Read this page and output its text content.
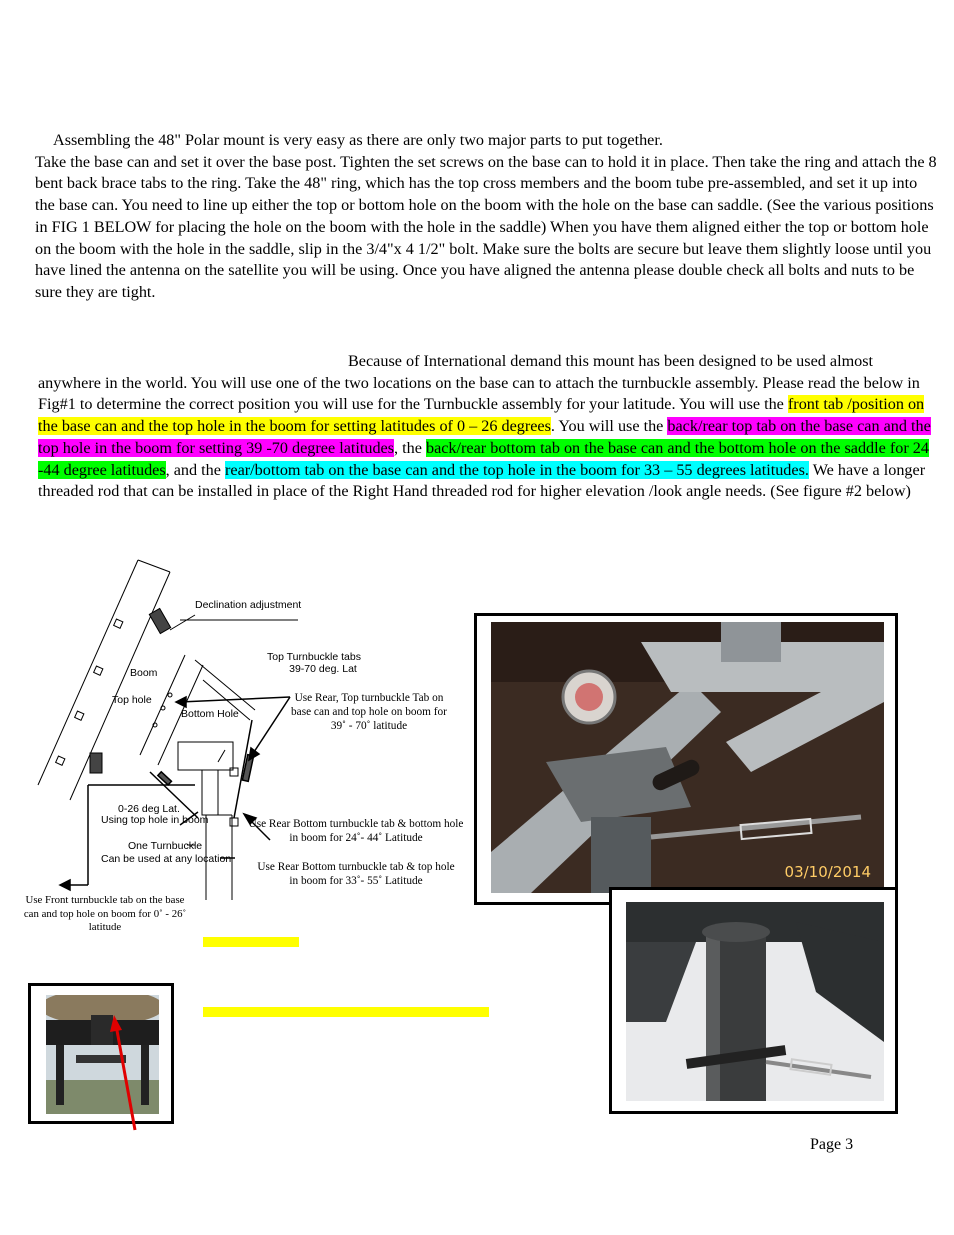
Assembling the 48" Polar mount is very easy as there are only two major parts to put together.
Take the base can and set it over the base post. Tighten the set screws on the base can to hold it in place. Then take the ring and attach the 8 bent back brace tabs to the ring. Take the 48" ring, which has the top cross members and the boom tube pre-assembled, and set it up into the base can. You need to line up either the top or bottom hole on the boom with the hole on the base can saddle. (See the various positions in FIG 1 BELOW for placing the hole on the boom with the hole in the saddle) When you have them aligned either the top or bottom hole on the boom with the hole in the saddle, slip in the 3/4"x 4 1/2" bolt. Make sure the bolts are secure but leave them slightly loose until you have lined the antenna on the satellite you will be using. Once you have aligned the antenna please double check all bolts and nuts to be sure they are tight.
Because of International demand this mount has been designed to be used almost anywhere in the world. You will use one of the two locations on the base can to attach the turnbuckle assembly. Please read the below in Fig#1 to determine the correct position you will use for the Turnbuckle assembly for your latitude. You will use the front tab /position on the base can and the top hole in the boom for setting latitudes of 0 – 26 degrees. You will use the back/rear top tab on the base can and the top hole in the boom for setting 39 -70 degree latitudes, the back/rear bottom tab on the base can and the bottom hole on the saddle for 24 -44 degree latitudes, and the rear/bottom tab on the base can and the top hole in the boom for 33 – 55 degrees latitudes. We have a longer threaded rod that can be installed in place of the Right Hand threaded rod for higher elevation /look angle needs. (See figure #2 below)
Declination adjustment
Top Turnbuckle tabs
39-70 deg. Lat
Boom
Top hole
Bottom Hole
0-26 deg Lat.
Using top hole in boom
One Turnbuckle
Can be used at any location
Use Rear, Top turnbuckle Tab on base can and top hole on boom for 39˚ - 70˚ latitude
Use Rear Bottom turnbuckle tab & bottom hole in boom for 24˚- 44˚ Latitude
Use Rear Bottom turnbuckle tab & top hole in boom for 33˚- 55˚ Latitude
Use Front turnbuckle tab on the base can and top hole on boom for 0˚ - 26˚ latitude
03/10/2014
Page 3
